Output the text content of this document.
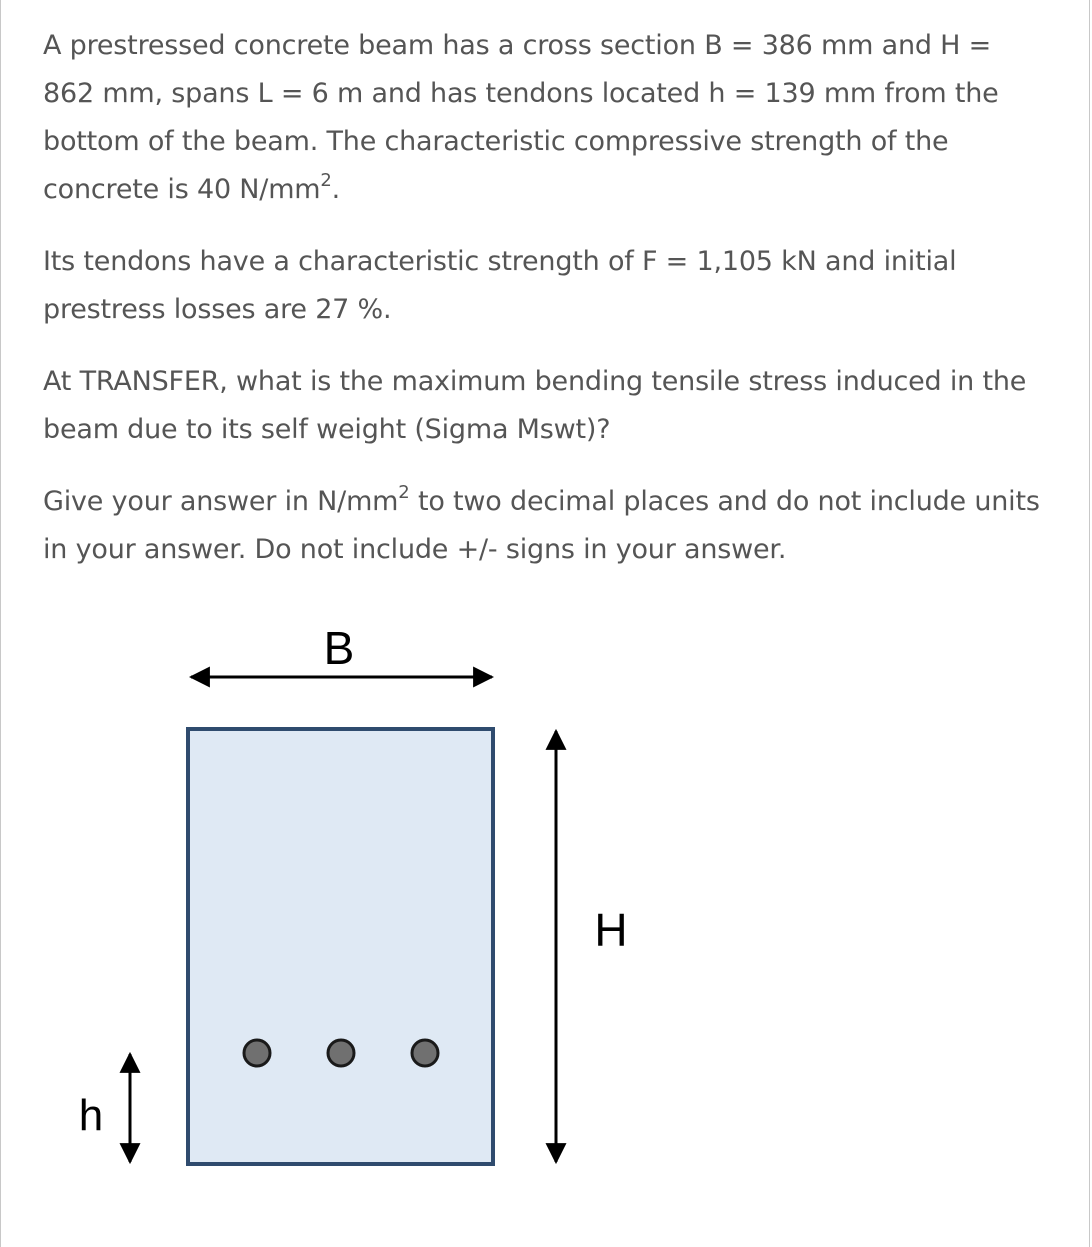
A prestressed concrete beam has a cross section B = 386 mm and H = 862 mm, spans L = 6 m and has tendons located h = 139 mm from the bottom of the beam. The characteristic compressive strength of the concrete is 40 $N/mm^2$.

Its tendons have a characteristic strength of F = 1,105 kN and initial prestress losses are 27 %.

At TRANSFER, what is the maximum bending tensile stress induced in the beam due to its self weight (Sigma Mswt)?

Give your answer in $N/mm^2$ to two decimal places and do not include units in your answer. Do not include +/- signs in your answer.

B
H
h
